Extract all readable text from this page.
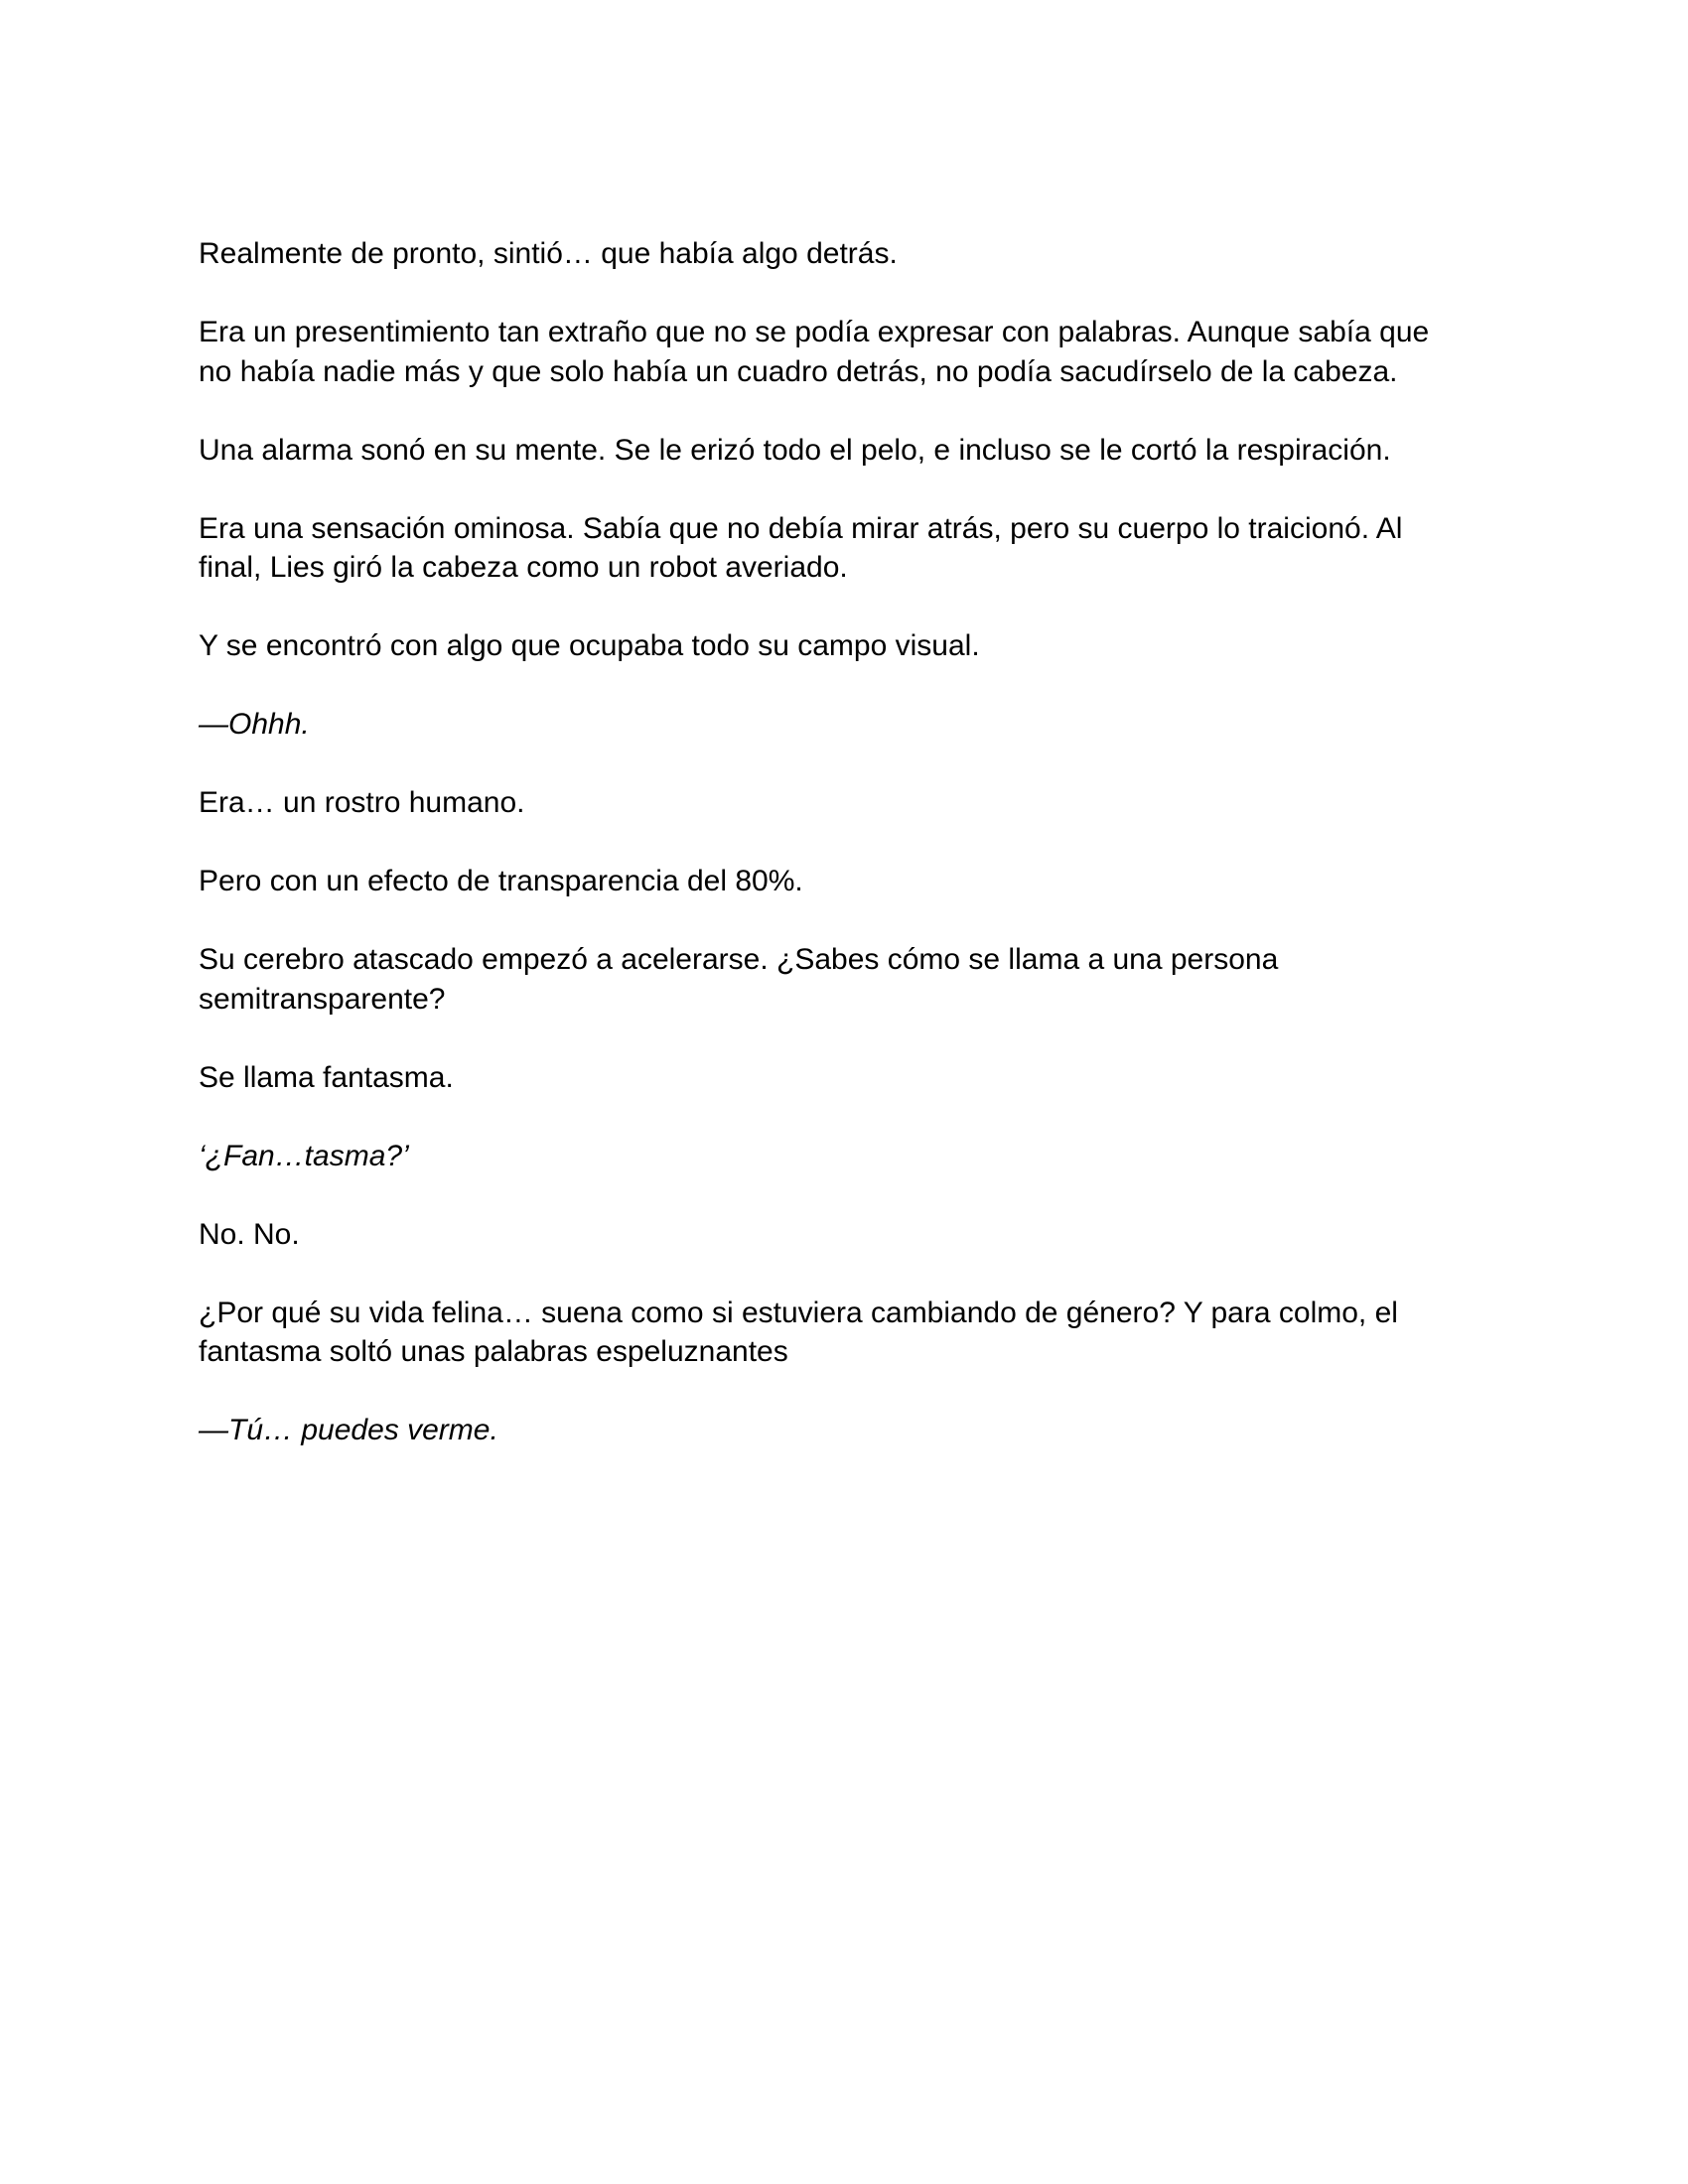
Realmente de pronto, sintió… que había algo detrás.

Era un presentimiento tan extraño que no se podía expresar con palabras. Aunque sabía que no había nadie más y que solo había un cuadro detrás, no podía sacudírselo de la cabeza.

Una alarma sonó en su mente. Se le erizó todo el pelo, e incluso se le cortó la respiración.

Era una sensación ominosa. Sabía que no debía mirar atrás, pero su cuerpo lo traicionó. Al final, Lies giró la cabeza como un robot averiado.

Y se encontró con algo que ocupaba todo su campo visual.

—Ohhh.

Era… un rostro humano.

Pero con un efecto de transparencia del 80%.

Su cerebro atascado empezó a acelerarse. ¿Sabes cómo se llama a una persona semitransparente?

Se llama fantasma.

‘¿Fan…tasma?’

No. No.

¿Por qué su vida felina… suena como si estuviera cambiando de género? Y para colmo, el fantasma soltó unas palabras espeluznantes

—Tú… puedes verme.
